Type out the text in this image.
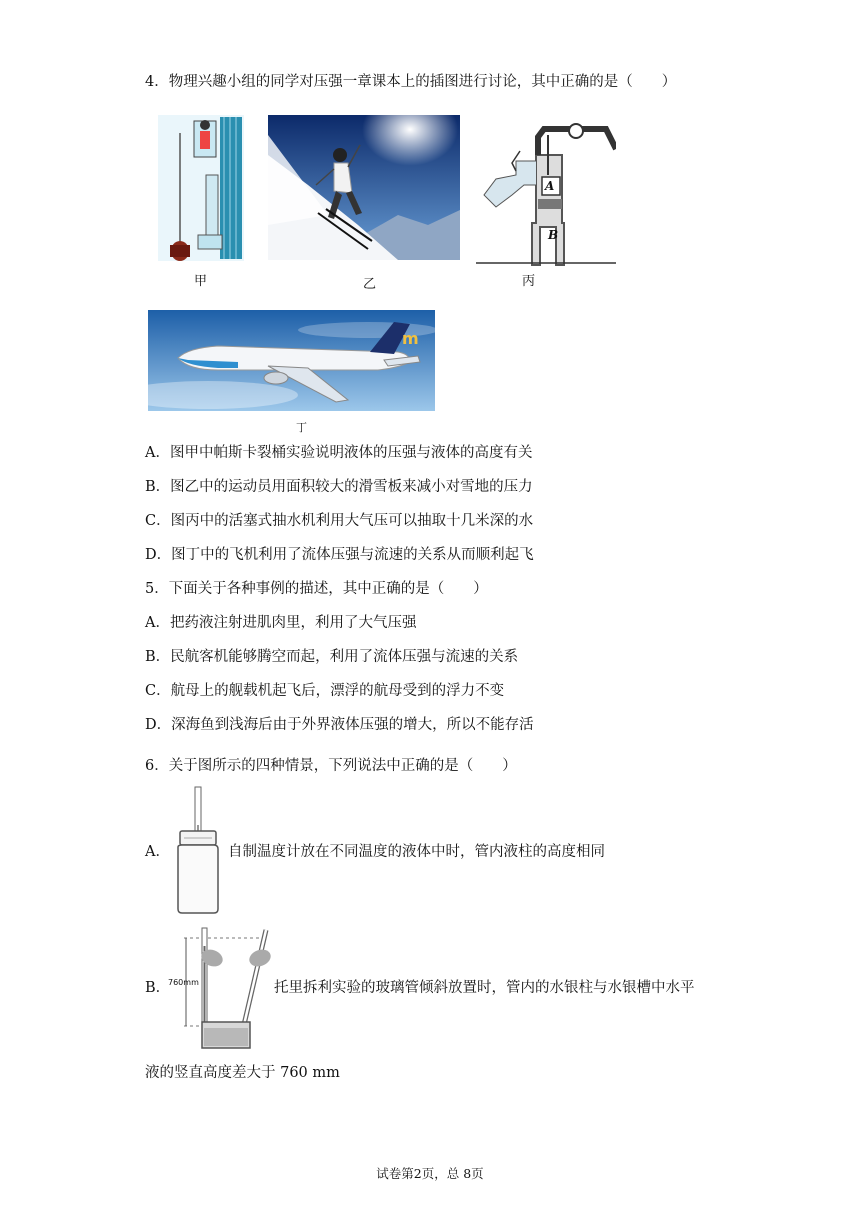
4．物理兴趣小组的同学对压强一章课本上的插图进行讨论，其中正确的是（　　）
甲	乙
A
B
丙
m
丁
A．图甲中帕斯卡裂桶实验说明液体的压强与液体的高度有关
B．图乙中的运动员用面积较大的滑雪板来减小对雪地的压力
C．图丙中的活塞式抽水机利用大气压可以抽取十几米深的水
D．图丁中的飞机利用了流体压强与流速的关系从而顺利起飞
5．下面关于各种事例的描述，其中正确的是（　　）
A．把药液注射进肌肉里，利用了大气压强
B．民航客机能够腾空而起，利用了流体压强与流速的关系
C．航母上的舰载机起飞后，漂浮的航母受到的浮力不变
D．深海鱼到浅海后由于外界液体压强的增大，所以不能存活
6．关于图所示的四种情景，下列说法中正确的是（　　）
A．	自制温度计放在不同温度的液体中时，管内液柱的高度相同
B．
760mm	托里拆利实验的玻璃管倾斜放置时，管内的水银柱与水银槽中水平
液的竖直高度差大于 760 mm
试卷第2页，总 8页
